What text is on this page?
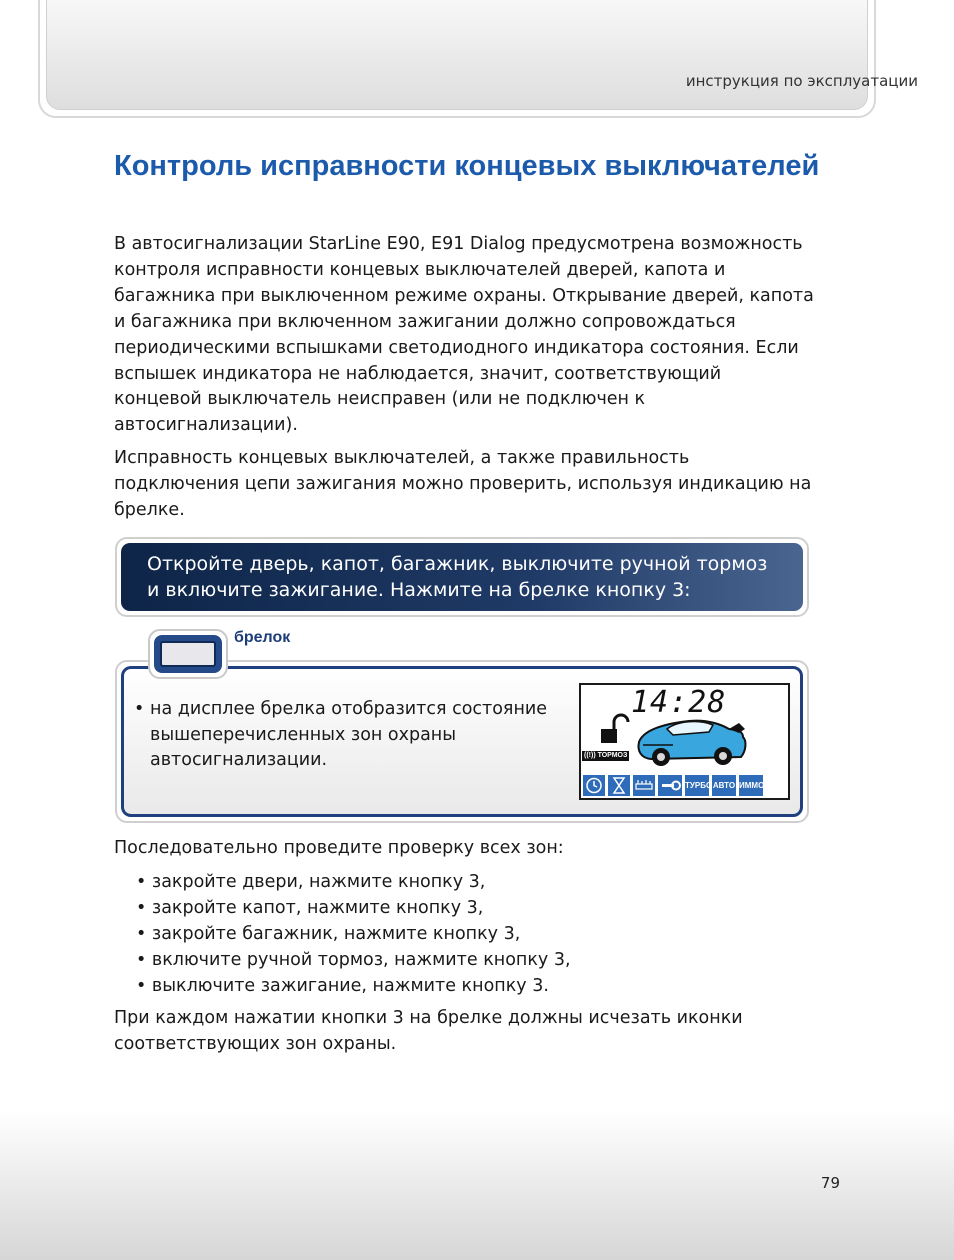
инструкция по эксплуатации
Контроль исправности концевых выключателей

В автосигнализации StarLine E90, E91 Dialog предусмотрена возможность контроля исправности концевых выключателей дверей, капота и багажника при выключенном режиме охраны. Открывание дверей, капота и багажника при включенном зажигании должно сопровождаться периодическими вспышками светодиодного индикатора состояния. Если вспышек индикатора не наблюдается, значит, соответствующий концевой выключатель неисправен (или не подключен к автосигнализации).

Исправность концевых выключателей, а также правильность подключения цепи зажигания можно проверить, используя индикацию на брелке.

Откройте дверь, капот, багажник, выключите ручной тормоз
и включите зажигание. Нажмите на брелке кнопку 3:
брелок
• на дисплее брелка отобразится состояние вышеперечисленных зон охраны автосигнализации.
14:28
((!)) ТОРМОЗ
ТУРБО АВТО ИММО

Последовательно проведите проверку всех зон:

• закройте двери, нажмите кнопку 3,
• закройте капот, нажмите кнопку 3,
• закройте багажник, нажмите кнопку 3,
• включите ручной тормоз, нажмите кнопку 3,
• выключите зажигание, нажмите кнопку 3.

При каждом нажатии кнопки 3 на брелке должны исчезать иконки соответствующих зон охраны.

79
